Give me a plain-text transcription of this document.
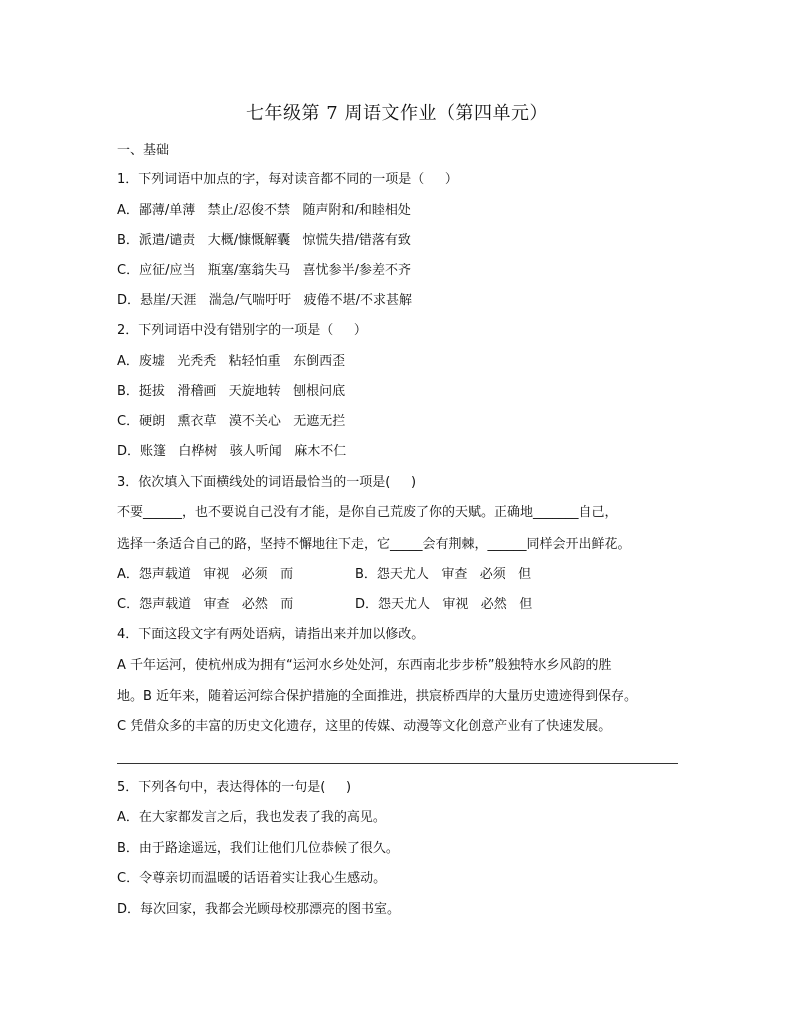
七年级第 7 周语文作业（第四单元）
一、基础
1．下列词语中加点的字，每对读音都不同的一项是（     ）
A．鄙薄/单薄   禁止/忍俊不禁   随声附和/和睦相处
B．派遣/谴责   大概/慷慨解囊   惊慌失措/错落有致
C．应征/应当   瓶塞/塞翁失马   喜忧参半/参差不齐
D．悬崖/天涯   湍急/气喘吁吁   疲倦不堪/不求甚解
2．下列词语中没有错别字的一项是（     ）
A．废墟   光秃秃   粘轻怕重   东倒西歪
B．挺拔   滑稽画   天旋地转   刨根问底
C．硬朗   熏衣草   漠不关心   无遮无拦
D．账篷   白桦树   骇人听闻   麻木不仁
3．依次填入下面横线处的词语最恰当的一项是(     )
不要______，也不要说自己没有才能，是你自己荒废了你的天赋。正确地_______自己，
选择一条适合自己的路，坚持不懈地往下走，它_____会有荆棘，______同样会开出鲜花。
A．怨声载道   审视   必须   而	B．怨天尤人   审查   必须   但
C．怨声载道   审查   必然   而	D．怨天尤人   审视   必然   但
4．下面这段文字有两处语病，请指出来并加以修改。
A 千年运河，使杭州成为拥有“运河水乡处处河，东西南北步步桥”般独特水乡风韵的胜
地。B 近年来，随着运河综合保护措施的全面推进，拱宸桥西岸的大量历史遗迹得到保存。
C 凭借众多的丰富的历史文化遗存，这里的传媒、动漫等文化创意产业有了快速发展。
5．下列各句中，表达得体的一句是(     )
A．在大家都发言之后，我也发表了我的高见。
B．由于路途遥远，我们让他们几位恭候了很久。
C．令尊亲切而温暖的话语着实让我心生感动。
D．每次回家，我都会光顾母校那漂亮的图书室。
